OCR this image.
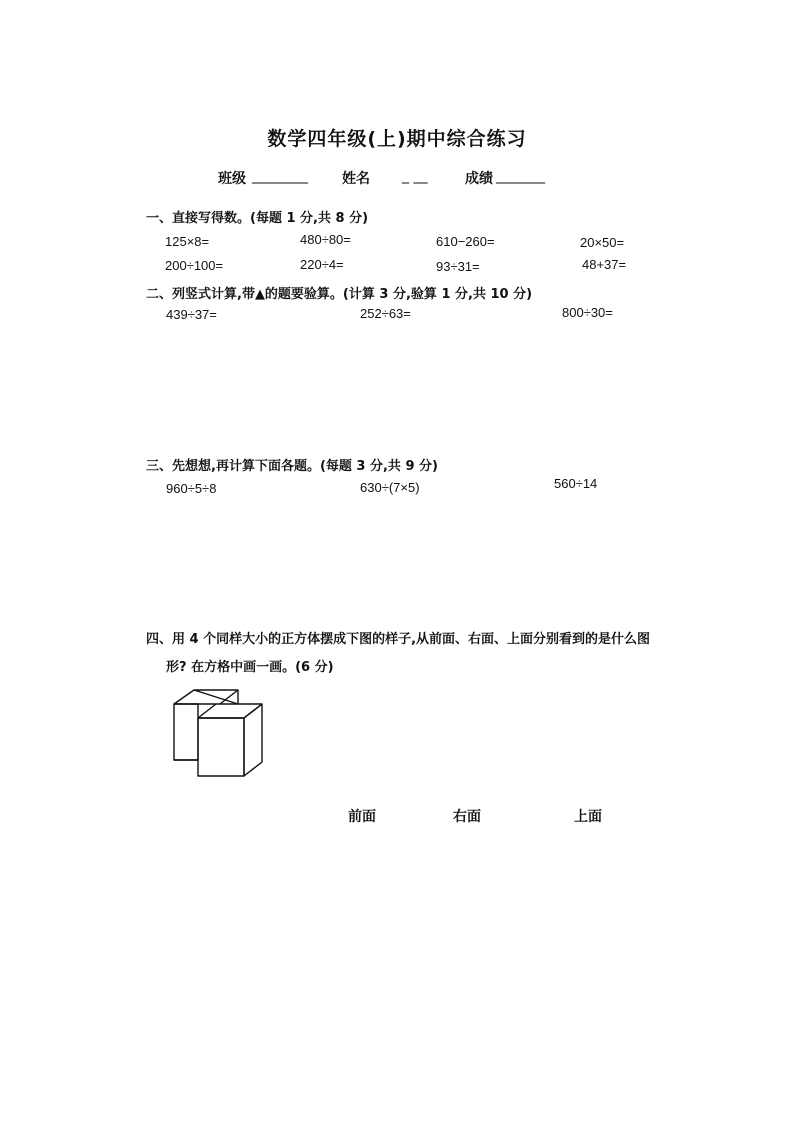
数学四年级(上)期中综合练习
班级 ________ 姓名 _ __	成绩 _______
一、直接写得数。(每题 1 分,共 8 分)
125×8=	480÷80=	610−260=	20×50=
200÷100=	220÷4=	93÷31=	48+37=
二、列竖式计算,带▲的题要验算。(计算 3 分,验算 1 分,共 10 分)
439÷37=	252÷63=	800÷30=
三、先想想,再计算下面各题。(每题 3 分,共 9 分)
960÷5÷8	630÷(7×5)	560÷14
四、用 4 个同样大小的正方体摆成下图的样子,从前面、右面、上面分别看到的是什么图
形? 在方格中画一画。(6 分)
前面	右面	上面
